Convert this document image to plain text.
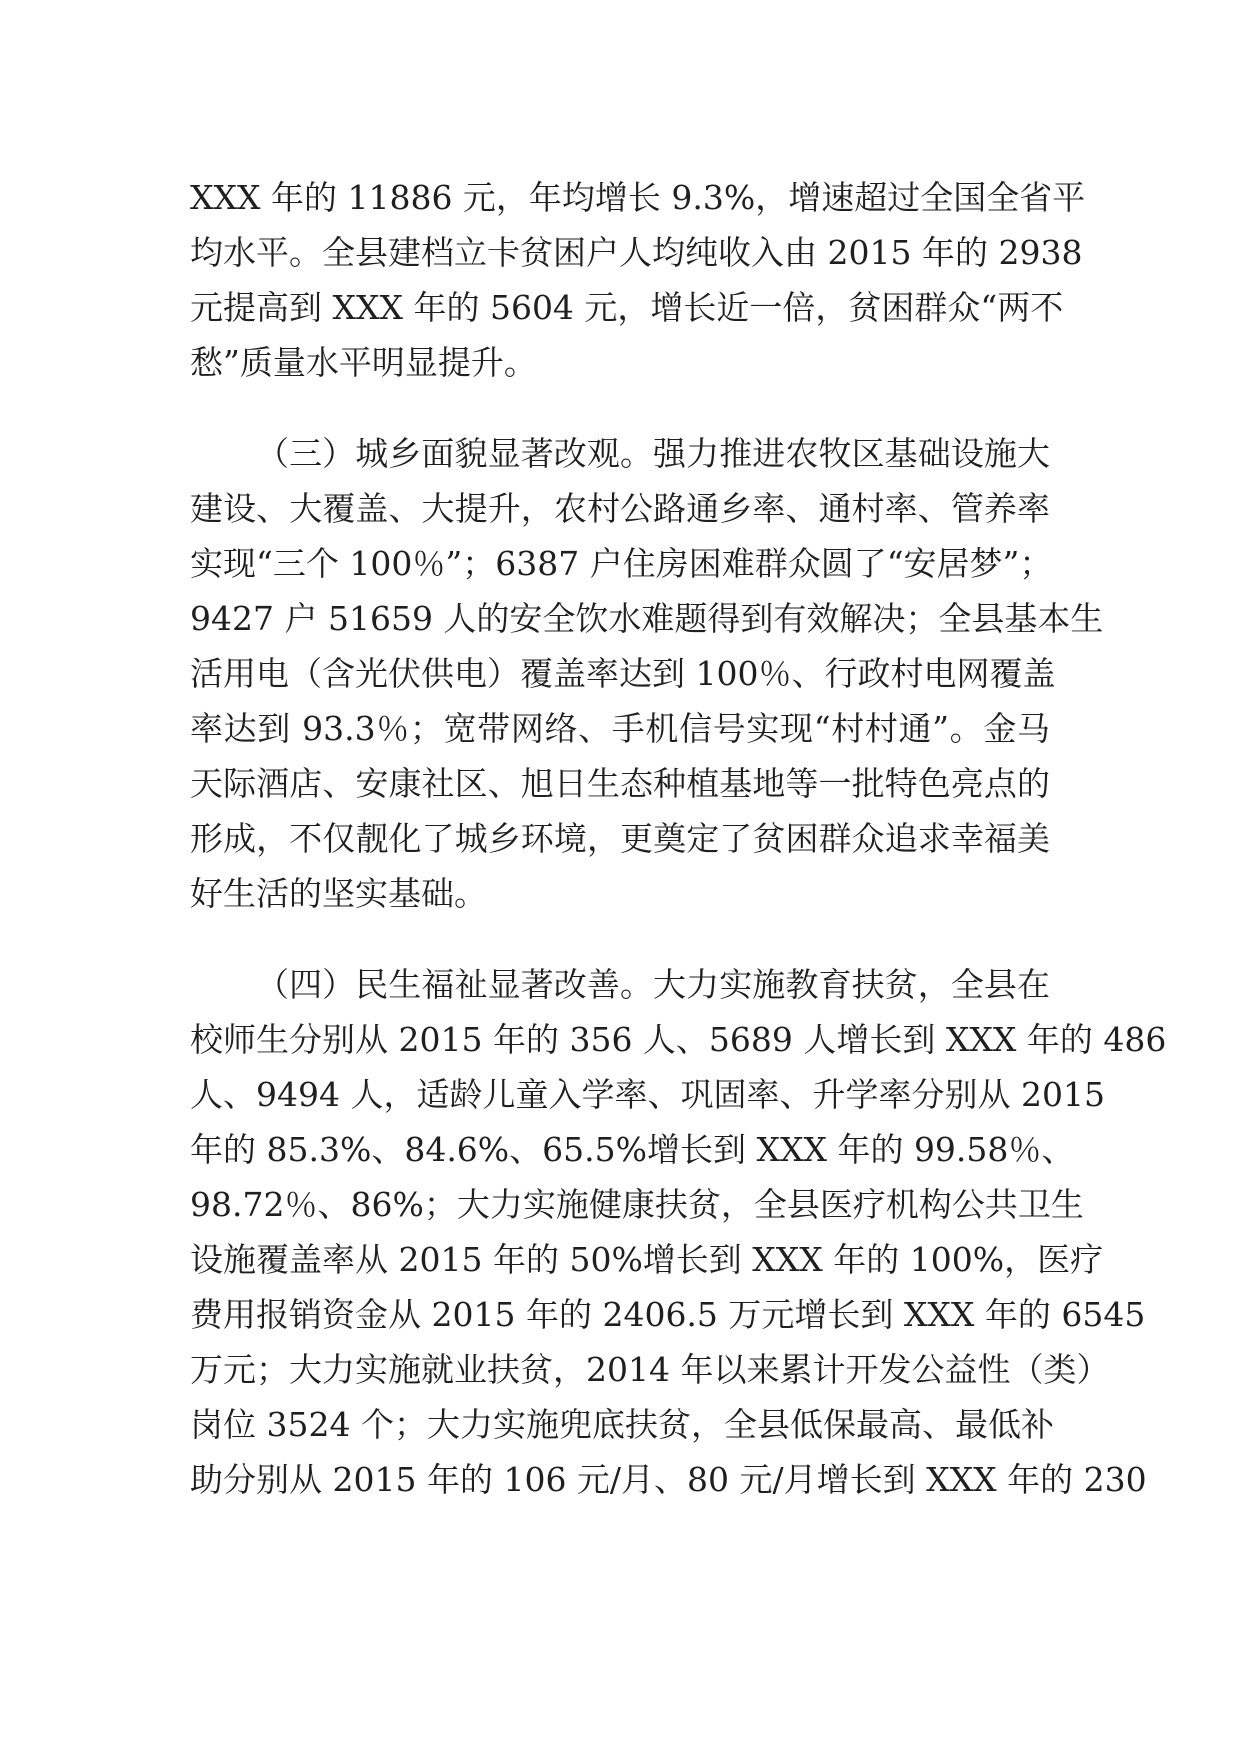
XXX 年的 11886 元，年均增长 9.3%，增速超过全国全省平
均水平。全县建档立卡贫困户人均纯收入由 2015 年的 2938
元提高到 XXX 年的 5604 元，增长近一倍，贫困群众“两不
愁”质量水平明显提升。
（三）城乡面貌显著改观。强力推进农牧区基础设施大
建设、大覆盖、大提升，农村公路通乡率、通村率、管养率
实现“三个 100％”；6387 户住房困难群众圆了“安居梦”；
9427 户 51659 人的安全饮水难题得到有效解决；全县基本生
活用电（含光伏供电）覆盖率达到 100％、行政村电网覆盖
率达到 93.3％；宽带网络、手机信号实现“村村通”。金马
天际酒店、安康社区、旭日生态种植基地等一批特色亮点的
形成，不仅靓化了城乡环境，更奠定了贫困群众追求幸福美
好生活的坚实基础。
（四）民生福祉显著改善。大力实施教育扶贫，全县在
校师生分别从 2015 年的 356 人、5689 人增长到 XXX 年的 486
人、9494 人，适龄儿童入学率、巩固率、升学率分别从 2015
年的 85.3%、84.6%、65.5%增长到 XXX 年的 99.58％、
98.72％、86%；大力实施健康扶贫，全县医疗机构公共卫生
设施覆盖率从 2015 年的 50%增长到 XXX 年的 100%，医疗
费用报销资金从 2015 年的 2406.5 万元增长到 XXX 年的 6545
万元；大力实施就业扶贫，2014 年以来累计开发公益性（类）
岗位 3524 个；大力实施兜底扶贫，全县低保最高、最低补
助分别从 2015 年的 106 元/月、80 元/月增长到 XXX 年的 230
